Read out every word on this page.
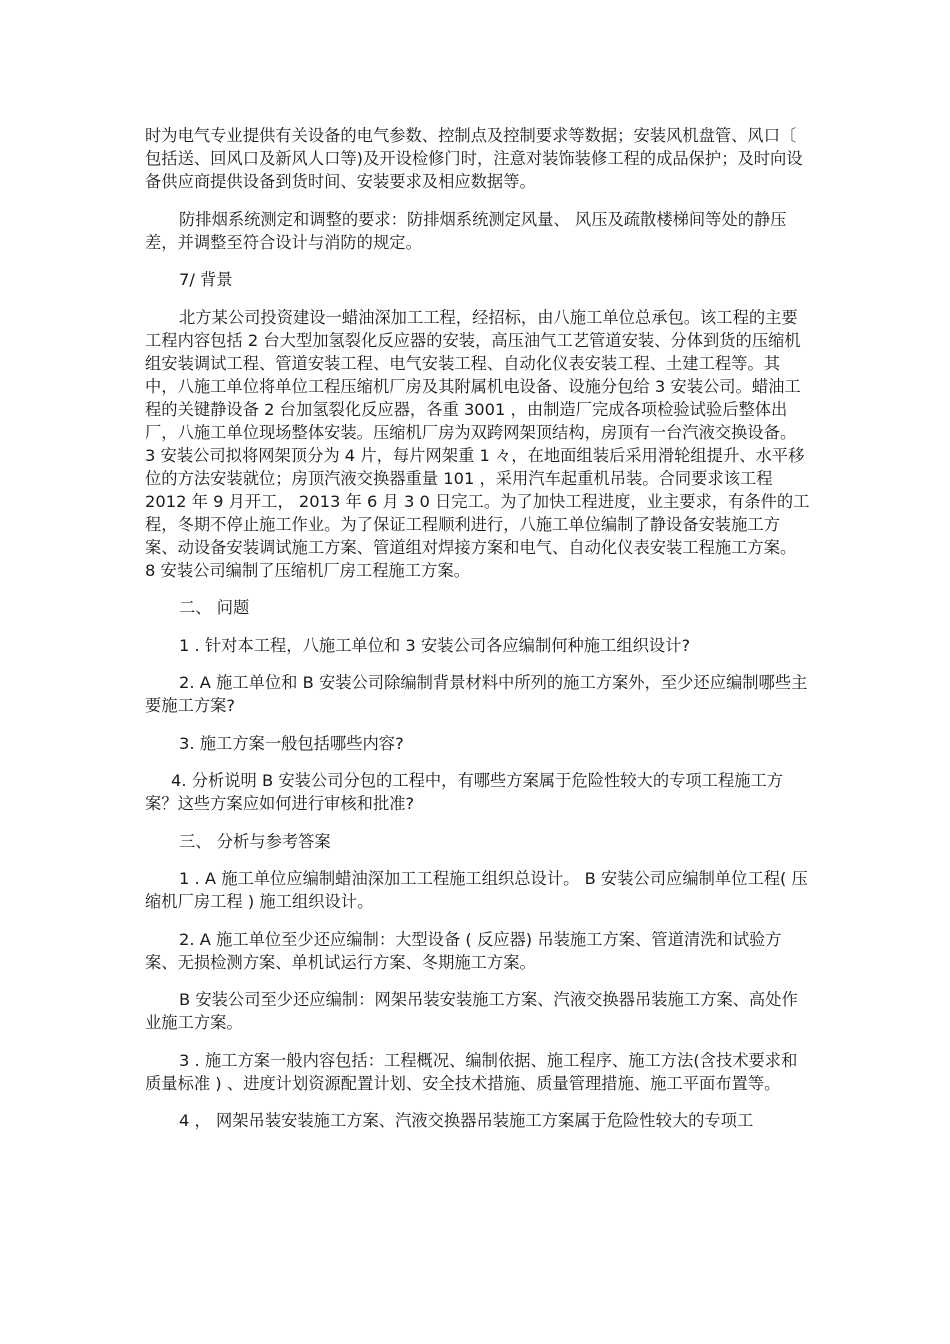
时为电气专业提供有关设备的电气参数、控制点及控制要求等数据；安装风机盘管、风口〔 包括送、回风口及新风人口等)及开设检修门时，注意对装饰装修工程的成品保护；及时向设备供应商提供设备到货时间、安装要求及相应数据等。

防排烟系统测定和调整的要求：防排烟系统测定风量、 风压及疏散楼梯间等处的静压差，并调整至符合设计与消防的规定。

7/ 背景

北方某公司投资建设一蜡油深加工工程，经招标，由八施工单位总承包。该工程的主要工程内容包括 2 台大型加氢裂化反应器的安装，高压油气工艺管道安装、分体到货的压缩机组安装调试工程、管道安装工程、电气安装工程、自动化仪表安装工程、土建工程等。其中，八施工单位将单位工程压缩机厂房及其附属机电设备、设施分包给 3 安装公司。蜡油工程的关键静设备 2 台加氢裂化反应器，各重 3001 ，由制造厂完成各项检验试验后整体出厂，八施工单位现场整体安装。压缩机厂房为双跨网架顶结构，房顶有一台汽液交换设备。 3 安装公司拟将网架顶分为 4 片，每片网架重 1 々，在地面组装后采用滑轮组提升、水平移位的方法安装就位；房顶汽液交换器重量 101 ，采用汽车起重机吊装。合同要求该工程 2012 年 9 月开工， 2013 年 6 月 3 0 日完工。为了加快工程进度，业主要求，有条件的工程，冬期不停止施工作业。为了保证工程顺利进行，八施工单位编制了静设备安装施工方案、动设备安装调试施工方案、管道组对焊接方案和电气、自动化仪表安装工程施工方案。 8 安装公司编制了压缩机厂房工程施工方案。

二、 问题

1 . 针对本工程，八施工单位和 3 安装公司各应编制何种施工组织设计?

2. A 施工单位和 B 安装公司除编制背景材料中所列的施工方案外，至少还应编制哪些主要施工方案?

3. 施工方案一般包括哪些内容?

4. 分析说明 B 安装公司分包的工程中，有哪些方案属于危险性较大的专项工程施工方案？这些方案应如何进行审核和批准?

三、 分析与参考答案

1 . A 施工单位应编制蜡油深加工工程施工组织总设计。 B 安装公司应编制单位工程( 压缩机厂房工程 ) 施工组织设计。

2. A 施工单位至少还应编制：大型设备 ( 反应器) 吊装施工方案、管道清洗和试验方案、无损检测方案、单机试运行方案、冬期施工方案。

B 安装公司至少还应编制：网架吊装安装施工方案、汽液交换器吊装施工方案、高处作业施工方案。

3 . 施工方案一般内容包括：工程概况、编制依据、施工程序、施工方法(含技术要求和质量标准 ) 、进度计划资源配置计划、安全技术措施、质量管理措施、施工平面布置等。

4 ， 网架吊装安装施工方案、汽液交换器吊装施工方案属于危险性较大的专项工
